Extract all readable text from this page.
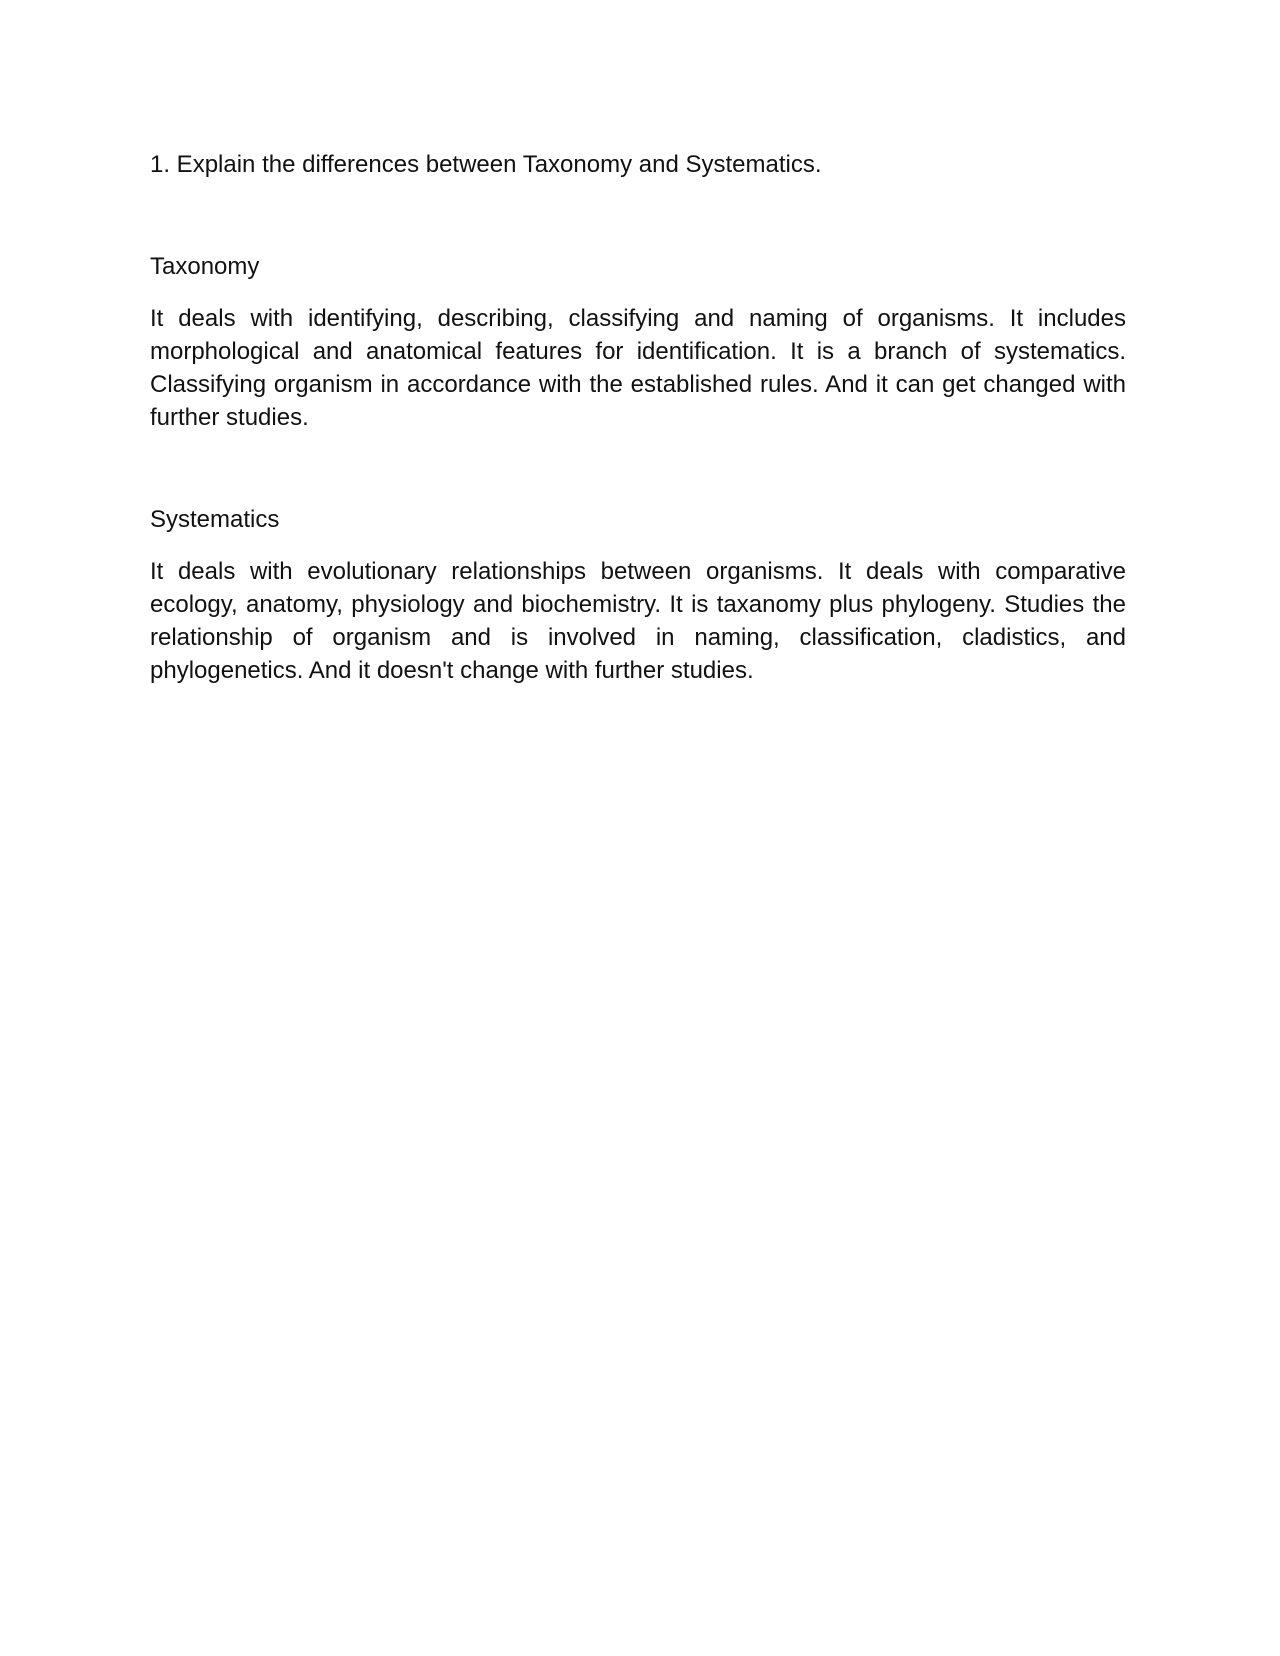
1. Explain the differences between Taxonomy and Systematics.

Taxonomy

It deals with identifying, describing, classifying and naming of organisms. It includes morphological and anatomical features for identification. It is a branch of systematics. Classifying organism in accordance with the established rules. And it can get changed with further studies.

Systematics

It deals with evolutionary relationships between organisms. It deals with comparative ecology, anatomy, physiology and biochemistry. It is taxanomy plus phylogeny. Studies the relationship of organism and is involved in naming, classification, cladistics, and phylogenetics. And it doesn't change with further studies.
